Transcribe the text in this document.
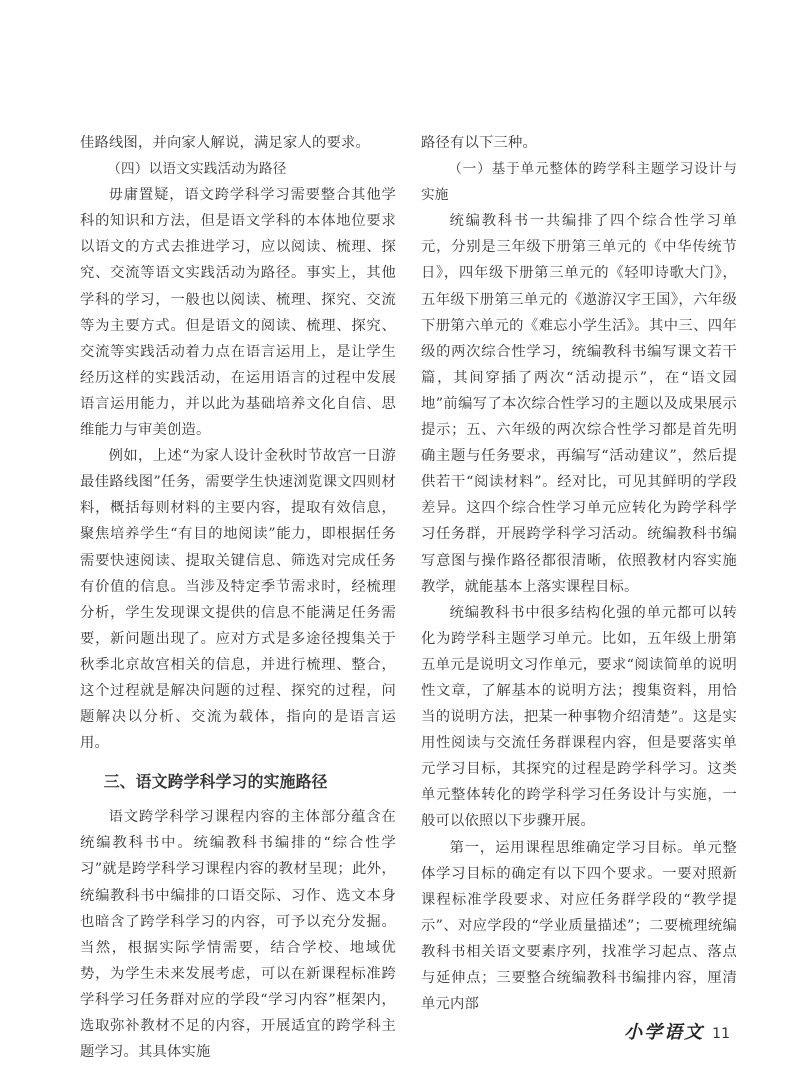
佳路线图，并向家人解说，满足家人的要求。

（四）以语文实践活动为路径

毋庸置疑，语文跨学科学习需要整合其他学科的知识和方法，但是语文学科的本体地位要求以语文的方式去推进学习，应以阅读、梳理、探究、交流等语文实践活动为路径。事实上，其他学科的学习，一般也以阅读、梳理、探究、交流等为主要方式。但是语文的阅读、梳理、探究、交流等实践活动着力点在语言运用上，是让学生经历这样的实践活动，在运用语言的过程中发展语言运用能力，并以此为基础培养文化自信、思维能力与审美创造。

例如，上述“为家人设计金秋时节故宫一日游最佳路线图”任务，需要学生快速浏览课文四则材料，概括每则材料的主要内容，提取有效信息，聚焦培养学生“有目的地阅读”能力，即根据任务需要快速阅读、提取关键信息、筛选对完成任务有价值的信息。当涉及特定季节需求时，经梳理分析，学生发现课文提供的信息不能满足任务需要，新问题出现了。应对方式是多途径搜集关于秋季北京故宫相关的信息，并进行梳理、整合，这个过程就是解决问题的过程、探究的过程，问题解决以分析、交流为载体，指向的是语言运用。

三、语文跨学科学习的实施路径

语文跨学科学习课程内容的主体部分蕴含在统编教科书中。统编教科书编排的“综合性学习”就是跨学科学习课程内容的教材呈现；此外，统编教科书中编排的口语交际、习作、选文本身也暗含了跨学科学习的内容，可予以充分发掘。当然，根据实际学情需要，结合学校、地域优势，为学生未来发展考虑，可以在新课程标准跨学科学习任务群对应的学段“学习内容”框架内，选取弥补教材不足的内容，开展适宜的跨学科主题学习。其具体实施

路径有以下三种。

（一）基于单元整体的跨学科主题学习设计与实施

统编教科书一共编排了四个综合性学习单元，分别是三年级下册第三单元的《中华传统节日》，四年级下册第三单元的《轻叩诗歌大门》，五年级下册第三单元的《遨游汉字王国》，六年级下册第六单元的《难忘小学生活》。其中三、四年级的两次综合性学习，统编教科书编写课文若干篇，其间穿插了两次“活动提示”，在“语文园地”前编写了本次综合性学习的主题以及成果展示提示；五、六年级的两次综合性学习都是首先明确主题与任务要求，再编写“活动建议”，然后提供若干“阅读材料”。经对比，可见其鲜明的学段差异。这四个综合性学习单元应转化为跨学科学习任务群，开展跨学科学习活动。统编教科书编写意图与操作路径都很清晰，依照教材内容实施教学，就能基本上落实课程目标。

统编教科书中很多结构化强的单元都可以转化为跨学科主题学习单元。比如，五年级上册第五单元是说明文习作单元，要求“阅读简单的说明性文章，了解基本的说明方法；搜集资料，用恰当的说明方法，把某一种事物介绍清楚”。这是实用性阅读与交流任务群课程内容，但是要落实单元学习目标，其探究的过程是跨学科学习。这类单元整体转化的跨学科学习任务设计与实施，一般可以依照以下步骤开展。

第一，运用课程思维确定学习目标。单元整体学习目标的确定有以下四个要求。一要对照新课程标准学段要求、对应任务群学段的“教学提示”、对应学段的“学业质量描述”；二要梳理统编教科书相关语文要素序列，找准学习起点、落点与延伸点；三要整合统编教科书编排内容，厘清单元内部

小学语文 11
